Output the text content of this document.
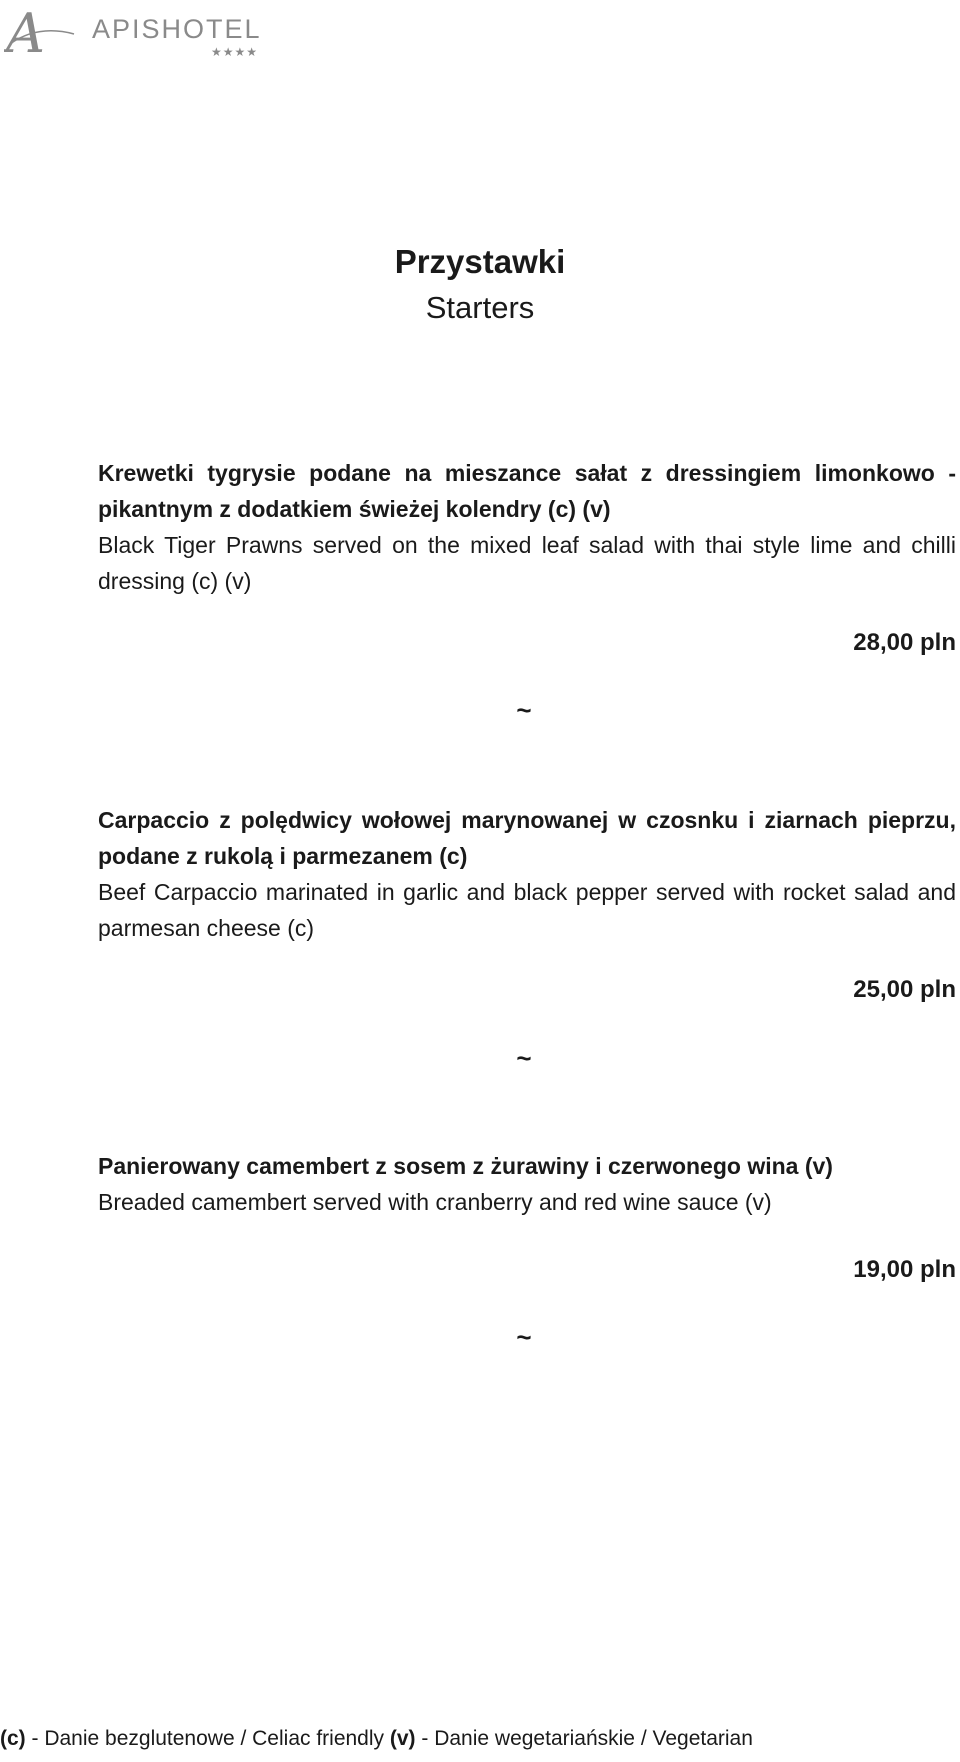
A APISHOTEL
★★★★
Przystawki
Starters

Krewetki tygrysie podane na mieszance sałat z dressingiem limonkowo -pikantnym z dodatkiem świeżej kolendry (c) (v)

Black Tiger Prawns served on the mixed leaf salad with thai style lime and chilli dressing (c) (v)

28,00 pln
~

Carpaccio z polędwicy wołowej marynowanej w czosnku i ziarnach pieprzu, podane z rukolą i parmezanem (c)

Beef Carpaccio marinated in garlic and black pepper served with rocket salad and parmesan cheese (c)

25,00 pln
~

Panierowany camembert z sosem z żurawiny i czerwonego wina (v)

Breaded camembert served with cranberry and red wine sauce (v)

19,00 pln
~
(c) - Danie bezglutenowe / Celiac friendly (v) - Danie wegetariańskie / Vegetarian
